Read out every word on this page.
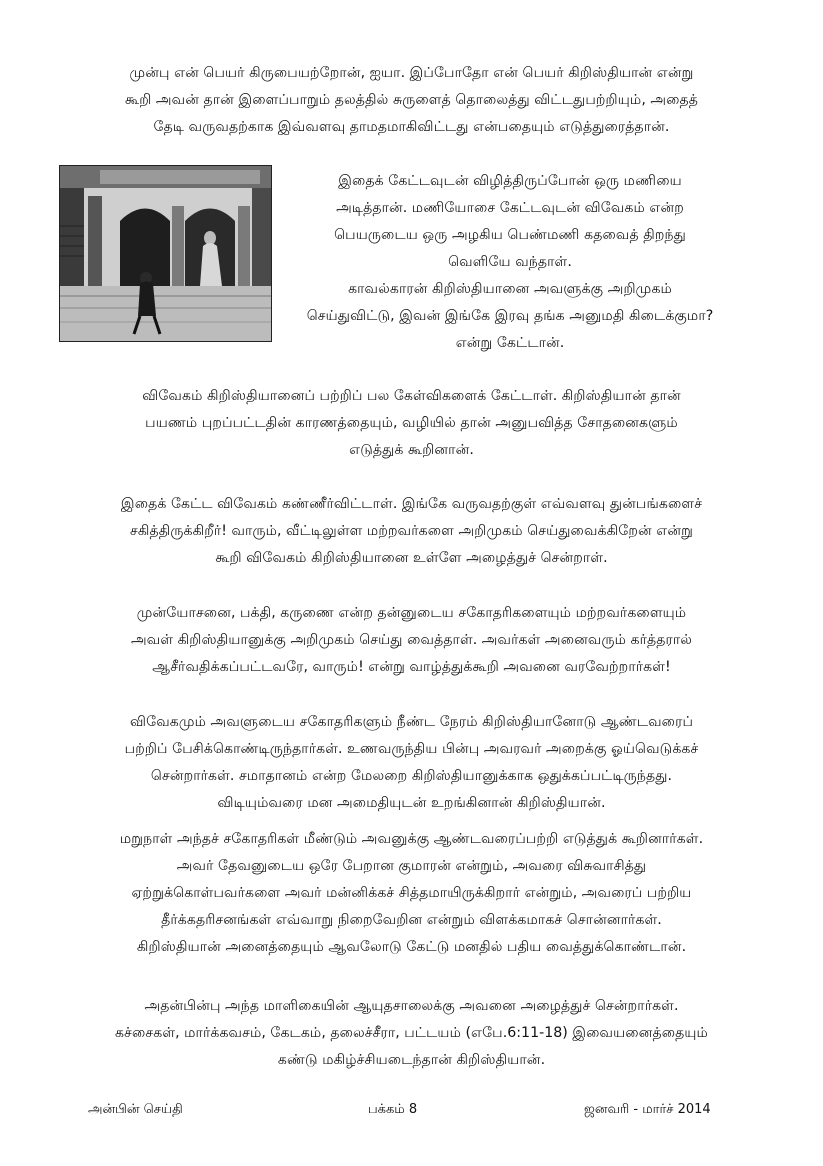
முன்பு என் பெயர் கிருபையற்றோன், ஐயா. இப்போதோ என் பெயர் கிறிஸ்தியான் என்று
கூறி அவன் தான் இளைப்பாறும் தலத்தில் சுருளைத் தொலைத்து விட்டதுபற்றியும், அதைத்
தேடி வருவதற்காக இவ்வளவு தாமதமாகிவிட்டது என்பதையும் எடுத்துரைத்தான்.

இதைக் கேட்டவுடன் விழித்திருப்போன் ஒரு மணியை
அடித்தான். மணியோசை கேட்டவுடன் விவேகம் என்ற
பெயருடைய ஒரு அழகிய பெண்மணி கதவைத் திறந்து
வெளியே வந்தாள்.
காவல்காரன் கிறிஸ்தியானை அவளுக்கு அறிமுகம்
செய்துவிட்டு, இவன் இங்கே இரவு தங்க அனுமதி கிடைக்குமா?
என்று கேட்டான்.

விவேகம் கிறிஸ்தியானைப் பற்றிப் பல கேள்விகளைக் கேட்டாள். கிறிஸ்தியான் தான்
பயணம் புறப்பட்டதின் காரணத்தையும், வழியில் தான் அனுபவித்த சோதனைகளும்
எடுத்துக் கூறினான்.

இதைக் கேட்ட விவேகம் கண்ணீர்விட்டாள். இங்கே வருவதற்குள் எவ்வளவு துன்பங்களைச்
சகித்திருக்கிறீர்! வாரும், வீட்டிலுள்ள மற்றவர்களை அறிமுகம் செய்துவைக்கிறேன் என்று
கூறி விவேகம் கிறிஸ்தியானை உள்ளே அழைத்துச் சென்றாள்.

முன்யோசனை, பக்தி, கருணை என்ற தன்னுடைய சகோதரிகளையும் மற்றவர்களையும்
அவள் கிறிஸ்தியானுக்கு அறிமுகம் செய்து வைத்தாள். அவர்கள் அனைவரும் கர்த்தரால்
ஆசீர்வதிக்கப்பட்டவரே, வாரும்! என்று வாழ்த்துக்கூறி அவனை வரவேற்றார்கள்!

விவேகமும் அவளுடைய சகோதரிகளும் நீண்ட நேரம் கிறிஸ்தியானோடு ஆண்டவரைப்
பற்றிப் பேசிக்கொண்டிருந்தார்கள். உணவருந்திய பின்பு அவரவர் அறைக்கு ஓய்வெடுக்கச்
சென்றார்கள். சமாதானம் என்ற மேலறை கிறிஸ்தியானுக்காக ஒதுக்கப்பட்டிருந்தது.
விடியும்வரை மன அமைதியுடன் உறங்கினான் கிறிஸ்தியான்.

மறுநாள் அந்தச் சகோதரிகள் மீண்டும் அவனுக்கு ஆண்டவரைப்பற்றி எடுத்துக் கூறினார்கள்.
அவர் தேவனுடைய ஒரே பேறான குமாரன் என்றும், அவரை விசுவாசித்து
ஏற்றுக்கொள்பவர்களை அவர் மன்னிக்கச் சித்தமாயிருக்கிறார் என்றும், அவரைப் பற்றிய
தீர்க்கதரிசனங்கள் எவ்வாறு நிறைவேறின என்றும் விளக்கமாகச் சொன்னார்கள்.
கிறிஸ்தியான் அனைத்தையும் ஆவலோடு கேட்டு மனதில் பதிய வைத்துக்கொண்டான்.

அதன்பின்பு அந்த மாளிகையின் ஆயுதசாலைக்கு அவனை அழைத்துச் சென்றார்கள்.
கச்சைகள், மார்க்கவசம், கேடகம், தலைச்சீரா, பட்டயம் (எபே.6:11-18) இவையனைத்தையும்
கண்டு மகிழ்ச்சியடைந்தான் கிறிஸ்தியான்.

அன்பின் செய்தி	பக்கம் 8	ஜனவரி - மார்ச் 2014
